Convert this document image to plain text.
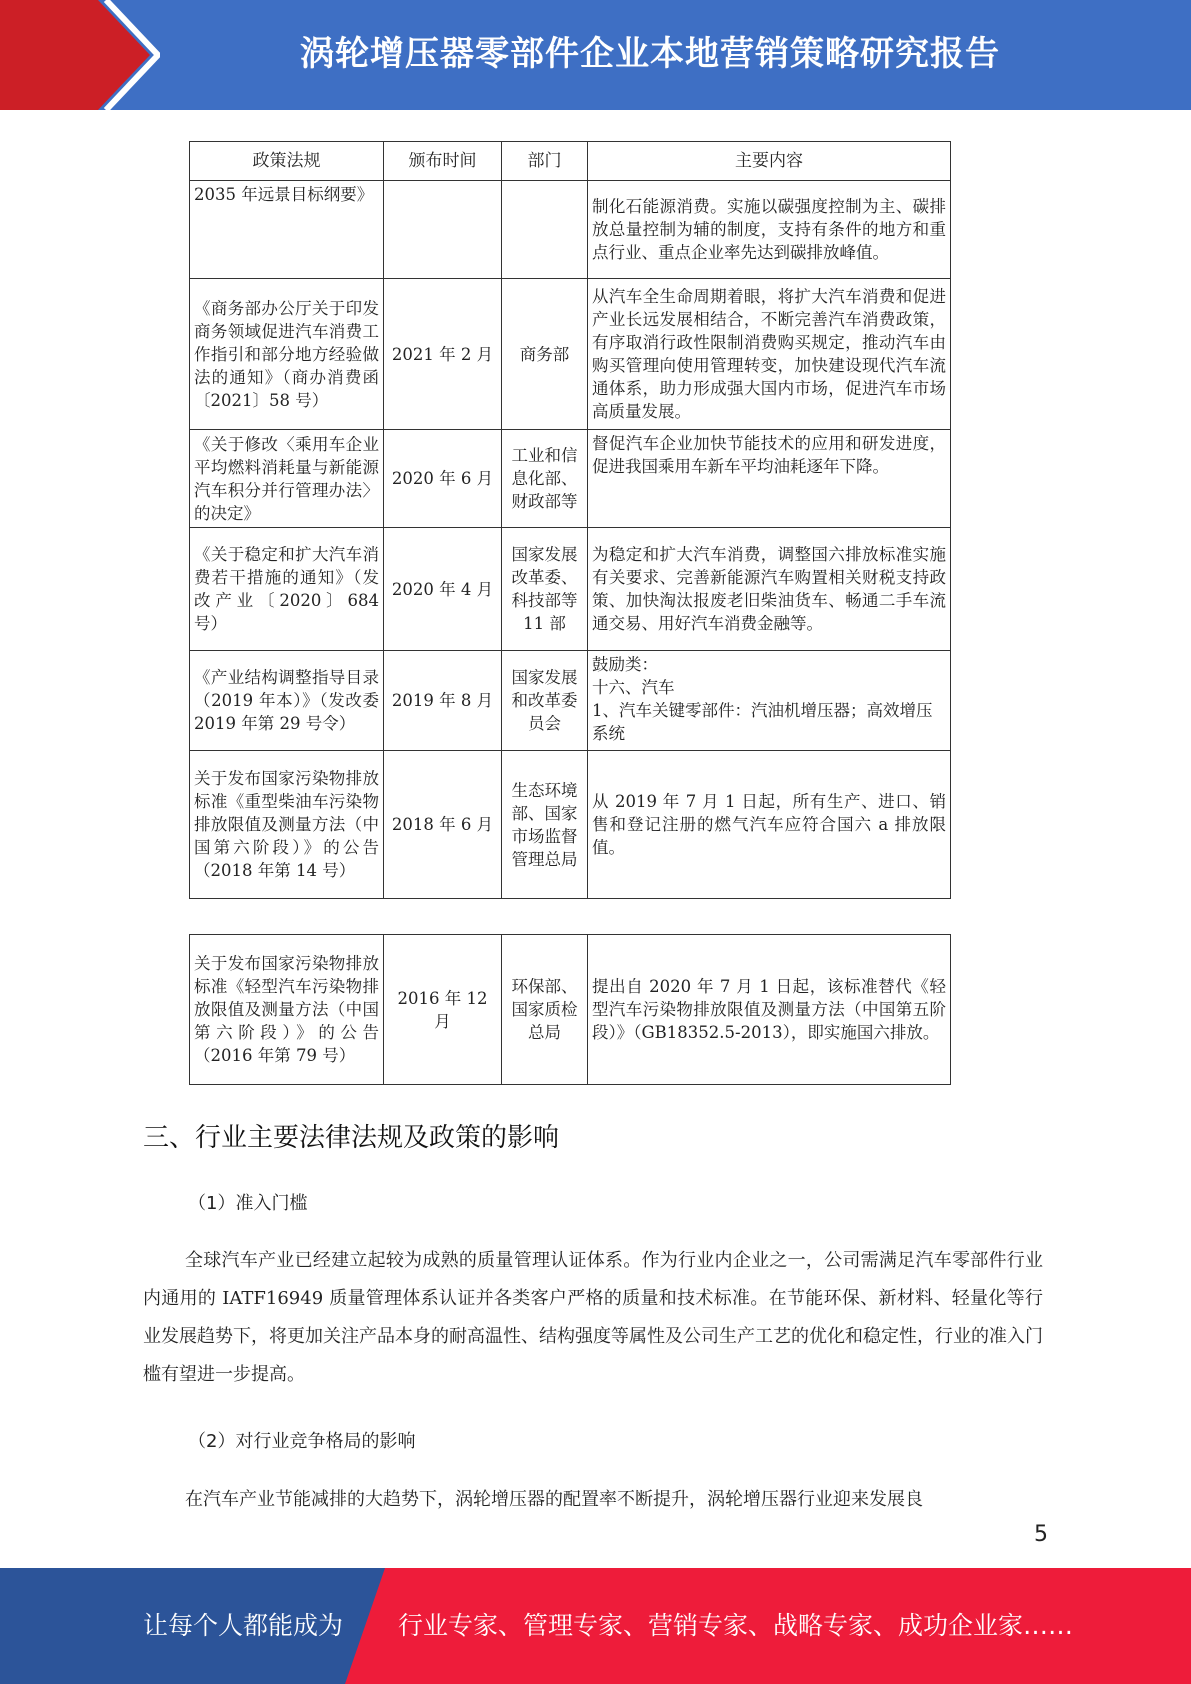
涡轮增压器零部件企业本地营销策略研究报告
政策法规	颁布时间	部门	主要内容
2035 年远景目标纲要》			制化石能源消费。实施以碳强度控制为主、碳排放总量控制为辅的制度，支持有条件的地方和重点行业、重点企业率先达到碳排放峰值。
《商务部办公厅关于印发商务领域促进汽车消费工作指引和部分地方经验做法的通知》（商办消费函〔2021〕58 号）	2021 年 2 月	商务部	从汽车全生命周期着眼，将扩大汽车消费和促进产业长远发展相结合，不断完善汽车消费政策，有序取消行政性限制消费购买规定，推动汽车由购买管理向使用管理转变，加快建设现代汽车流通体系，助力形成强大国内市场，促进汽车市场高质量发展。
《关于修改〈乘用车企业平均燃料消耗量与新能源汽车积分并行管理办法〉的决定》	2020 年 6 月	工业和信息化部、财政部等	督促汽车企业加快节能技术的应用和研发进度，促进我国乘用车新车平均油耗逐年下降。
《关于稳定和扩大汽车消费若干措施的通知》（发改产业〔2020〕684 号）	2020 年 4 月	国家发展改革委、科技部等 11 部	为稳定和扩大汽车消费，调整国六排放标准实施有关要求、完善新能源汽车购置相关财税支持政策、加快淘汰报废老旧柴油货车、畅通二手车流通交易、用好汽车消费金融等。
《产业结构调整指导目录（2019 年本）》（发改委 2019 年第 29 号令）	2019 年 8 月	国家发展和改革委员会	鼓励类：
十六、汽车
1、汽车关键零部件：汽油机增压器；高效增压系统
关于发布国家污染物排放标准《重型柴油车污染物排放限值及测量方法（中国第六阶段）》的公告（2018 年第 14 号）	2018 年 6 月	生态环境部、国家市场监督管理总局	从 2019 年 7 月 1 日起，所有生产、进口、销售和登记注册的燃气汽车应符合国六 a 排放限值。
关于发布国家污染物排放标准《轻型汽车污染物排放限值及测量方法（中国第六阶段）》的公告（2016 年第 79 号）	2016 年 12 月	环保部、国家质检总局	提出自 2020 年 7 月 1 日起，该标准替代《轻型汽车污染物排放限值及测量方法（中国第五阶段）》（GB18352.5-2013），即实施国六排放。
三、行业主要法律法规及政策的影响
（1）准入门槛
全球汽车产业已经建立起较为成熟的质量管理认证体系。作为行业内企业之一，公司需满足汽车零部件行业内通用的 IATF16949 质量管理体系认证并各类客户严格的质量和技术标准。在节能环保、新材料、轻量化等行业发展趋势下，将更加关注产品本身的耐高温性、结构强度等属性及公司生产工艺的优化和稳定性，行业的准入门槛有望进一步提高。
（2）对行业竞争格局的影响
在汽车产业节能减排的大趋势下，涡轮增压器的配置率不断提升，涡轮增压器行业迎来发展良
5
让每个人都能成为 行业专家、管理专家、营销专家、战略专家、成功企业家……
